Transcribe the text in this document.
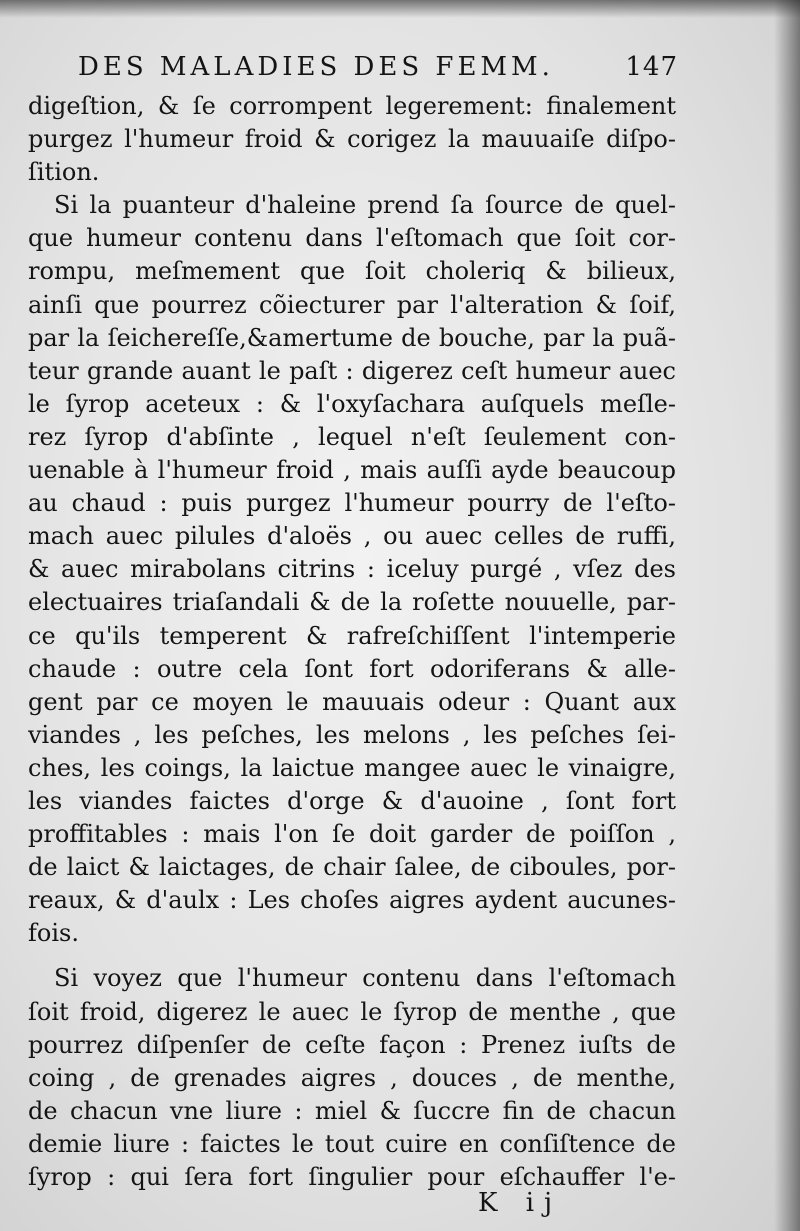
DES MALADIES DES FEMM.	147
digeſtion, & ſe corrompent legerement: finalement
purgez l'humeur froid & corigez la mauuaiſe diſpo-
ſition.
Si la puanteur d'haleine prend ſa ſource de quel-
que humeur contenu dans l'eſtomach que ſoit cor-
rompu, meſmement que ſoit choleriq & bilieux,
ainſi que pourrez cõiecturer par l'alteration & ſoif,
par la ſeichereſſe,&amertume de bouche, par la puã-
teur grande auant le paſt : digerez ceſt humeur auec
le ſyrop aceteux : & l'oxyſachara auſquels meſle-
rez ſyrop d'abſinte , lequel n'eſt ſeulement con-
uenable à l'humeur froid , mais auſſi ayde beaucoup
au chaud : puis purgez l'humeur pourry de l'eſto-
mach auec pilules d'aloës , ou auec celles de ruffi,
& auec mirabolans citrins : iceluy purgé , vſez des
electuaires triaſandali & de la roſette nouuelle, par-
ce qu'ils temperent & rafreſchiſſent l'intemperie
chaude : outre cela ſont fort odoriferans & alle-
gent par ce moyen le mauuais odeur : Quant aux
viandes , les peſches, les melons , les peſches ſei-
ches, les coings, la laictue mangee auec le vinaigre,
les viandes faictes d'orge & d'auoine , ſont fort
proffitables : mais l'on ſe doit garder de poiſſon ,
de laict & laictages, de chair ſalee, de ciboules, por-
reaux, & d'aulx : Les choſes aigres aydent aucunes-
fois.
Si voyez que l'humeur contenu dans l'eſtomach
ſoit froid, digerez le auec le ſyrop de menthe , que
pourrez diſpenſer de ceſte façon : Prenez iuſts de
coing , de grenades aigres , douces , de menthe,
de chacun vne liure : miel & ſuccre fin de chacun
demie liure : faictes le tout cuire en conſiſtence de
ſyrop : qui ſera fort ſingulier pour eſchauffer l'e-
K ij
